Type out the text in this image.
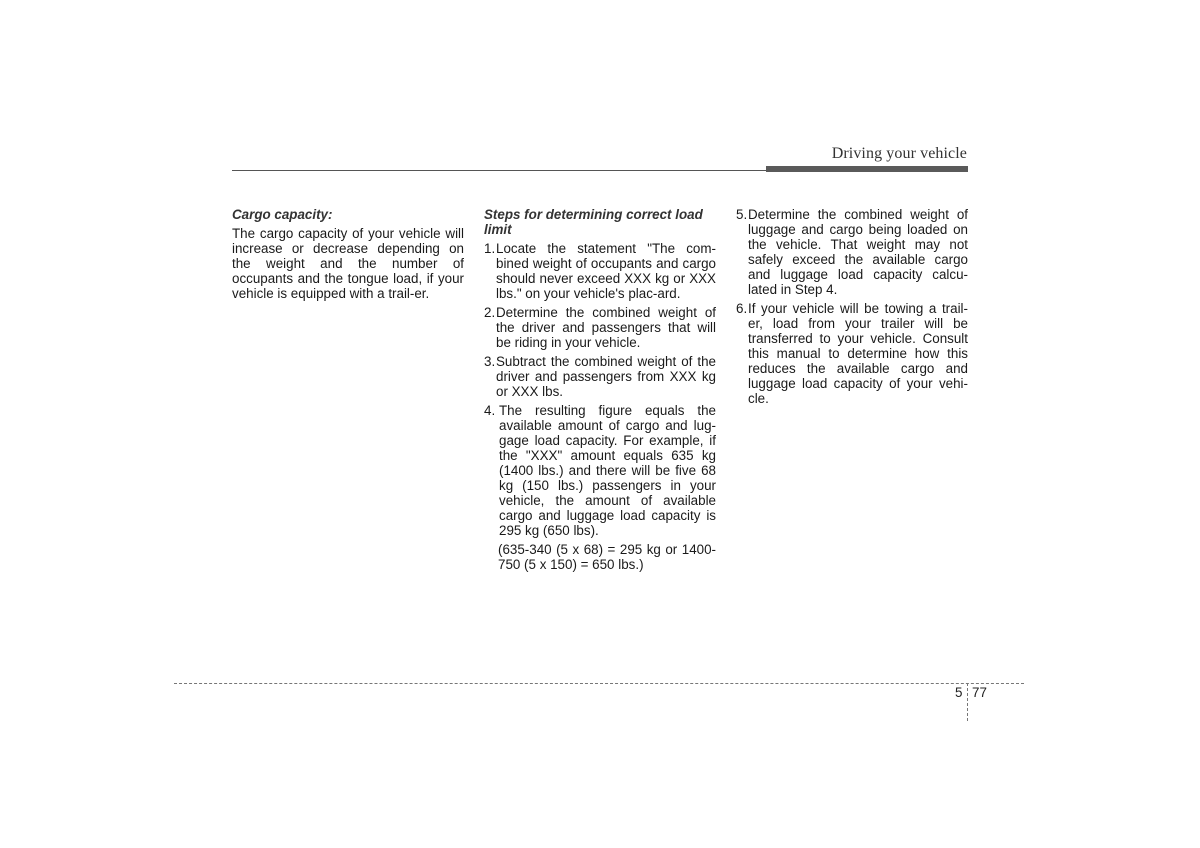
Driving your vehicle

Cargo capacity:

The cargo capacity of your vehicle will increase or decrease depending on the weight and the number of occupants and the tongue load, if your vehicle is equipped with a trail-er.

Steps for determining correct load limit

1. Locate the statement "The com-bined weight of occupants and cargo should never exceed XXX kg or XXX lbs." on your vehicle's plac-ard.
2. Determine the combined weight of the driver and passengers that will be riding in your vehicle.
3. Subtract the combined weight of the driver and passengers from XXX kg or XXX lbs.
4. The resulting figure equals the available amount of cargo and lug-gage load capacity. For example, if the "XXX" amount equals 635 kg (1400 lbs.) and there will be five 68 kg (150 lbs.) passengers in your vehicle, the amount of available cargo and luggage load capacity is 295 kg (650 lbs).

(635-340 (5 x 68) = 295 kg or 1400-750 (5 x 150) = 650 lbs.)

5. Determine the combined weight of luggage and cargo being loaded on the vehicle. That weight may not safely exceed the available cargo and luggage load capacity calcu-lated in Step 4.
6. If your vehicle will be towing a trail-er, load from your trailer will be transferred to your vehicle. Consult this manual to determine how this reduces the available cargo and luggage load capacity of your vehi-cle.
5 77
